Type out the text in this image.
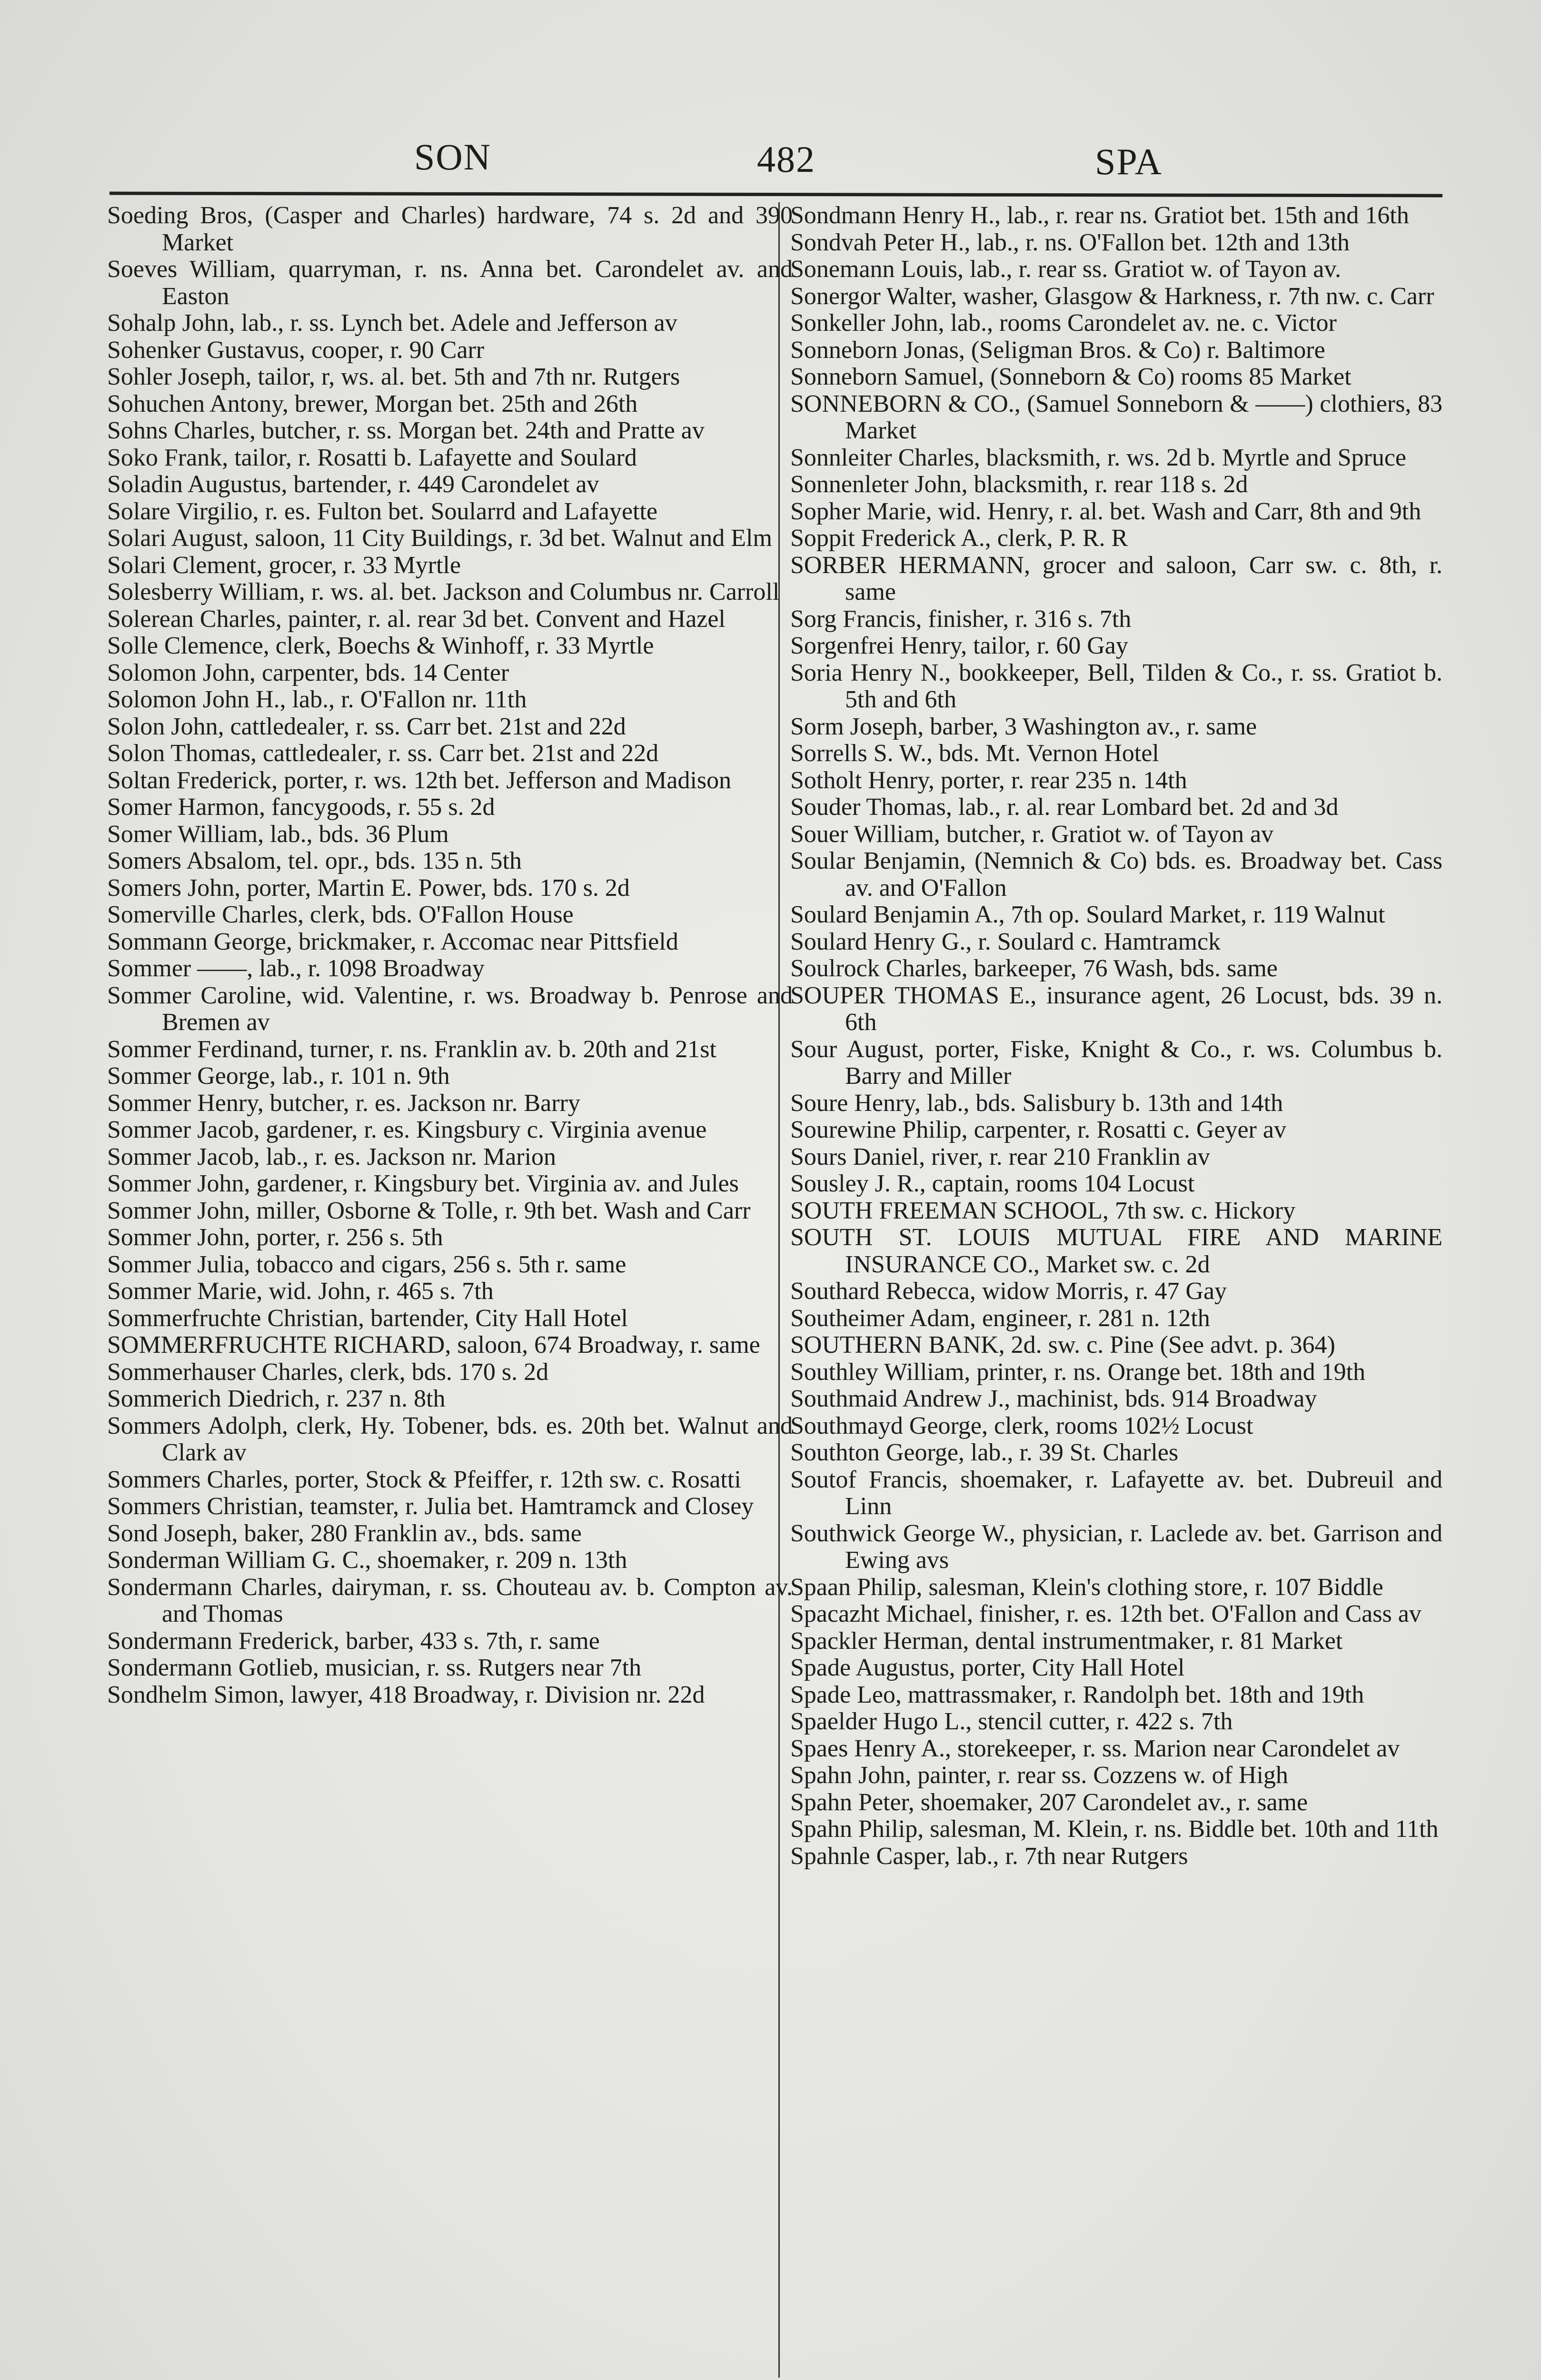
SON	482	SPA

Soeding Bros, (Casper and Charles) hardware, 74 s. 2d and 390 Market

Soeves William, quarryman, r. ns. Anna bet. Carondelet av. and Easton

Sohalp John, lab., r. ss. Lynch bet. Adele and Jefferson av

Sohenker Gustavus, cooper, r. 90 Carr

Sohler Joseph, tailor, r, ws. al. bet. 5th and 7th nr. Rutgers

Sohuchen Antony, brewer, Morgan bet. 25th and 26th

Sohns Charles, butcher, r. ss. Morgan bet. 24th and Pratte av

Soko Frank, tailor, r. Rosatti b. Lafayette and Soulard

Soladin Augustus, bartender, r. 449 Carondelet av

Solare Virgilio, r. es. Fulton bet. Soularrd and Lafayette

Solari August, saloon, 11 City Buildings, r. 3d bet. Walnut and Elm

Solari Clement, grocer, r. 33 Myrtle

Solesberry William, r. ws. al. bet. Jackson and Columbus nr. Carroll

Solerean Charles, painter, r. al. rear 3d bet. Convent and Hazel

Solle Clemence, clerk, Boechs & Winhoff, r. 33 Myrtle

Solomon John, carpenter, bds. 14 Center

Solomon John H., lab., r. O'Fallon nr. 11th

Solon John, cattledealer, r. ss. Carr bet. 21st and 22d

Solon Thomas, cattledealer, r. ss. Carr bet. 21st and 22d

Soltan Frederick, porter, r. ws. 12th bet. Jefferson and Madison

Somer Harmon, fancygoods, r. 55 s. 2d

Somer William, lab., bds. 36 Plum

Somers Absalom, tel. opr., bds. 135 n. 5th

Somers John, porter, Martin E. Power, bds. 170 s. 2d

Somerville Charles, clerk, bds. O'Fallon House

Sommann George, brickmaker, r. Accomac near Pittsfield

Sommer ——, lab., r. 1098 Broadway

Sommer Caroline, wid. Valentine, r. ws. Broadway b. Penrose and Bremen av

Sommer Ferdinand, turner, r. ns. Franklin av. b. 20th and 21st

Sommer George, lab., r. 101 n. 9th

Sommer Henry, butcher, r. es. Jackson nr. Barry

Sommer Jacob, gardener, r. es. Kingsbury c. Virginia avenue

Sommer Jacob, lab., r. es. Jackson nr. Marion

Sommer John, gardener, r. Kingsbury bet. Virginia av. and Jules

Sommer John, miller, Osborne & Tolle, r. 9th bet. Wash and Carr

Sommer John, porter, r. 256 s. 5th

Sommer Julia, tobacco and cigars, 256 s. 5th r. same

Sommer Marie, wid. John, r. 465 s. 7th

Sommerfruchte Christian, bartender, City Hall Hotel

SOMMERFRUCHTE RICHARD, saloon, 674 Broadway, r. same

Sommerhauser Charles, clerk, bds. 170 s. 2d

Sommerich Diedrich, r. 237 n. 8th

Sommers Adolph, clerk, Hy. Tobener, bds. es. 20th bet. Walnut and Clark av

Sommers Charles, porter, Stock & Pfeiffer, r. 12th sw. c. Rosatti

Sommers Christian, teamster, r. Julia bet. Hamtramck and Closey

Sond Joseph, baker, 280 Franklin av., bds. same

Sonderman William G. C., shoemaker, r. 209 n. 13th

Sondermann Charles, dairyman, r. ss. Chouteau av. b. Compton av. and Thomas

Sondermann Frederick, barber, 433 s. 7th, r. same

Sondermann Gotlieb, musician, r. ss. Rutgers near 7th

Sondhelm Simon, lawyer, 418 Broadway, r. Division nr. 22d

Sondmann Henry H., lab., r. rear ns. Gratiot bet. 15th and 16th

Sondvah Peter H., lab., r. ns. O'Fallon bet. 12th and 13th

Sonemann Louis, lab., r. rear ss. Gratiot w. of Tayon av.

Sonergor Walter, washer, Glasgow & Harkness, r. 7th nw. c. Carr

Sonkeller John, lab., rooms Carondelet av. ne. c. Victor

Sonneborn Jonas, (Seligman Bros. & Co) r. Baltimore

Sonneborn Samuel, (Sonneborn & Co) rooms 85 Market

SONNEBORN & CO., (Samuel Sonneborn & ——) clothiers, 83 Market

Sonnleiter Charles, blacksmith, r. ws. 2d b. Myrtle and Spruce

Sonnenleter John, blacksmith, r. rear 118 s. 2d

Sopher Marie, wid. Henry, r. al. bet. Wash and Carr, 8th and 9th

Soppit Frederick A., clerk, P. R. R

SORBER HERMANN, grocer and saloon, Carr sw. c. 8th, r. same

Sorg Francis, finisher, r. 316 s. 7th

Sorgenfrei Henry, tailor, r. 60 Gay

Soria Henry N., bookkeeper, Bell, Tilden & Co., r. ss. Gratiot b. 5th and 6th

Sorm Joseph, barber, 3 Washington av., r. same

Sorrells S. W., bds. Mt. Vernon Hotel

Sotholt Henry, porter, r. rear 235 n. 14th

Souder Thomas, lab., r. al. rear Lombard bet. 2d and 3d

Souer William, butcher, r. Gratiot w. of Tayon av

Soular Benjamin, (Nemnich & Co) bds. es. Broadway bet. Cass av. and O'Fallon

Soulard Benjamin A., 7th op. Soulard Market, r. 119 Walnut

Soulard Henry G., r. Soulard c. Hamtramck

Soulrock Charles, barkeeper, 76 Wash, bds. same

SOUPER THOMAS E., insurance agent, 26 Locust, bds. 39 n. 6th

Sour August, porter, Fiske, Knight & Co., r. ws. Columbus b. Barry and Miller

Soure Henry, lab., bds. Salisbury b. 13th and 14th

Sourewine Philip, carpenter, r. Rosatti c. Geyer av

Sours Daniel, river, r. rear 210 Franklin av

Sousley J. R., captain, rooms 104 Locust

SOUTH FREEMAN SCHOOL, 7th sw. c. Hickory

SOUTH ST. LOUIS MUTUAL FIRE AND MARINE INSURANCE CO., Market sw. c. 2d

Southard Rebecca, widow Morris, r. 47 Gay

Southeimer Adam, engineer, r. 281 n. 12th

SOUTHERN BANK, 2d. sw. c. Pine (See advt. p. 364)

Southley William, printer, r. ns. Orange bet. 18th and 19th

Southmaid Andrew J., machinist, bds. 914 Broadway

Southmayd George, clerk, rooms 102½ Locust

Southton George, lab., r. 39 St. Charles

Soutof Francis, shoemaker, r. Lafayette av. bet. Dubreuil and Linn

Southwick George W., physician, r. Laclede av. bet. Garrison and Ewing avs

Spaan Philip, salesman, Klein's clothing store, r. 107 Biddle

Spacazht Michael, finisher, r. es. 12th bet. O'Fallon and Cass av

Spackler Herman, dental instrumentmaker, r. 81 Market

Spade Augustus, porter, City Hall Hotel

Spade Leo, mattrassmaker, r. Randolph bet. 18th and 19th

Spaelder Hugo L., stencil cutter, r. 422 s. 7th

Spaes Henry A., storekeeper, r. ss. Marion near Carondelet av

Spahn John, painter, r. rear ss. Cozzens w. of High

Spahn Peter, shoemaker, 207 Carondelet av., r. same

Spahn Philip, salesman, M. Klein, r. ns. Biddle bet. 10th and 11th

Spahnle Casper, lab., r. 7th near Rutgers
